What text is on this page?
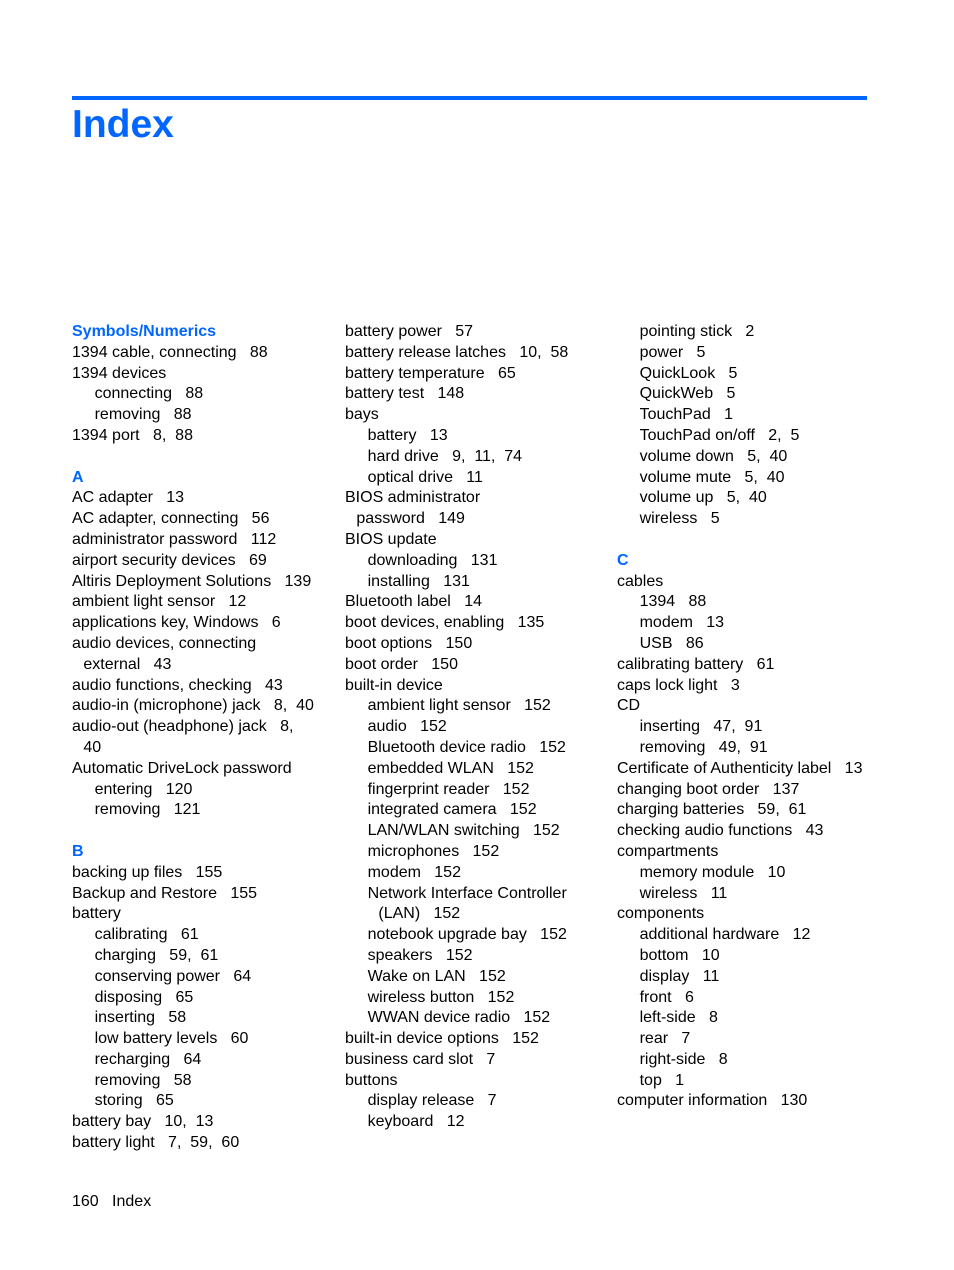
Index
Symbols/Numerics
1394 cable, connecting   88
1394 devices
connecting   88
removing   88
1394 port   8,  88
A
AC adapter   13
AC adapter, connecting   56
administrator password   112
airport security devices   69
Altiris Deployment Solutions   139
ambient light sensor   12
applications key, Windows   6
audio devices, connecting
external   43
audio functions, checking   43
audio-in (microphone) jack   8,  40
audio-out (headphone) jack   8,
40
Automatic DriveLock password
entering   120
removing   121
B
backing up files   155
Backup and Restore   155
battery
calibrating   61
charging   59,  61
conserving power   64
disposing   65
inserting   58
low battery levels   60
recharging   64
removing   58
storing   65
battery bay   10,  13
battery light   7,  59,  60
battery power   57
battery release latches   10,  58
battery temperature   65
battery test   148
bays
battery   13
hard drive   9,  11,  74
optical drive   11
BIOS administrator
password   149
BIOS update
downloading   131
installing   131
Bluetooth label   14
boot devices, enabling   135
boot options   150
boot order   150
built-in device
ambient light sensor   152
audio   152
Bluetooth device radio   152
embedded WLAN   152
fingerprint reader   152
integrated camera   152
LAN/WLAN switching   152
microphones   152
modem   152
Network Interface Controller
(LAN)   152
notebook upgrade bay   152
speakers   152
Wake on LAN   152
wireless button   152
WWAN device radio   152
built-in device options   152
business card slot   7
buttons
display release   7
keyboard   12
pointing stick   2
power   5
QuickLook   5
QuickWeb   5
TouchPad   1
TouchPad on/off   2,  5
volume down   5,  40
volume mute   5,  40
volume up   5,  40
wireless   5
C
cables
1394   88
modem   13
USB   86
calibrating battery   61
caps lock light   3
CD
inserting   47,  91
removing   49,  91
Certificate of Authenticity label   13
changing boot order   137
charging batteries   59,  61
checking audio functions   43
compartments
memory module   10
wireless   11
components
additional hardware   12
bottom   10
display   11
front   6
left-side   8
rear   7
right-side   8
top   1
computer information   130
160 Index
